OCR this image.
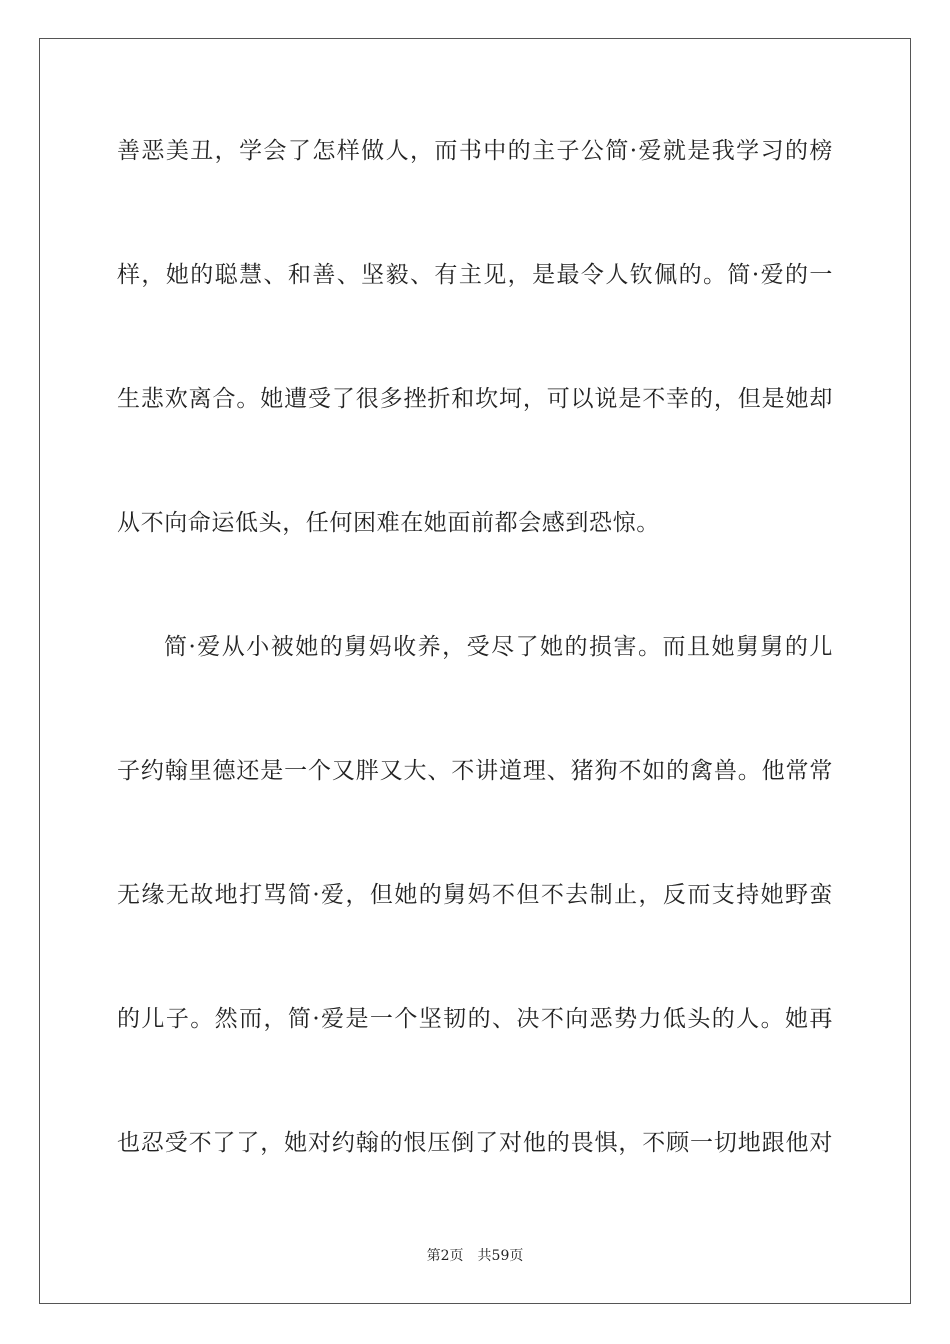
善恶美丑，学会了怎样做人，而书中的主子公简·爱就是我学习的榜
样，她的聪慧、和善、坚毅、有主见，是最令人钦佩的。简·爱的一
生悲欢离合。她遭受了很多挫折和坎坷，可以说是不幸的，但是她却
从不向命运低头，任何困难在她面前都会感到恐惊。
简·爱从小被她的舅妈收养，受尽了她的损害。而且她舅舅的儿
子约翰里德还是一个又胖又大、不讲道理、猪狗不如的禽兽。他常常
无缘无故地打骂简·爱，但她的舅妈不但不去制止，反而支持她野蛮
的儿子。然而，简·爱是一个坚韧的、决不向恶势力低头的人。她再
也忍受不了了，她对约翰的恨压倒了对他的畏惧，不顾一切地跟他对
第2页 共59页
